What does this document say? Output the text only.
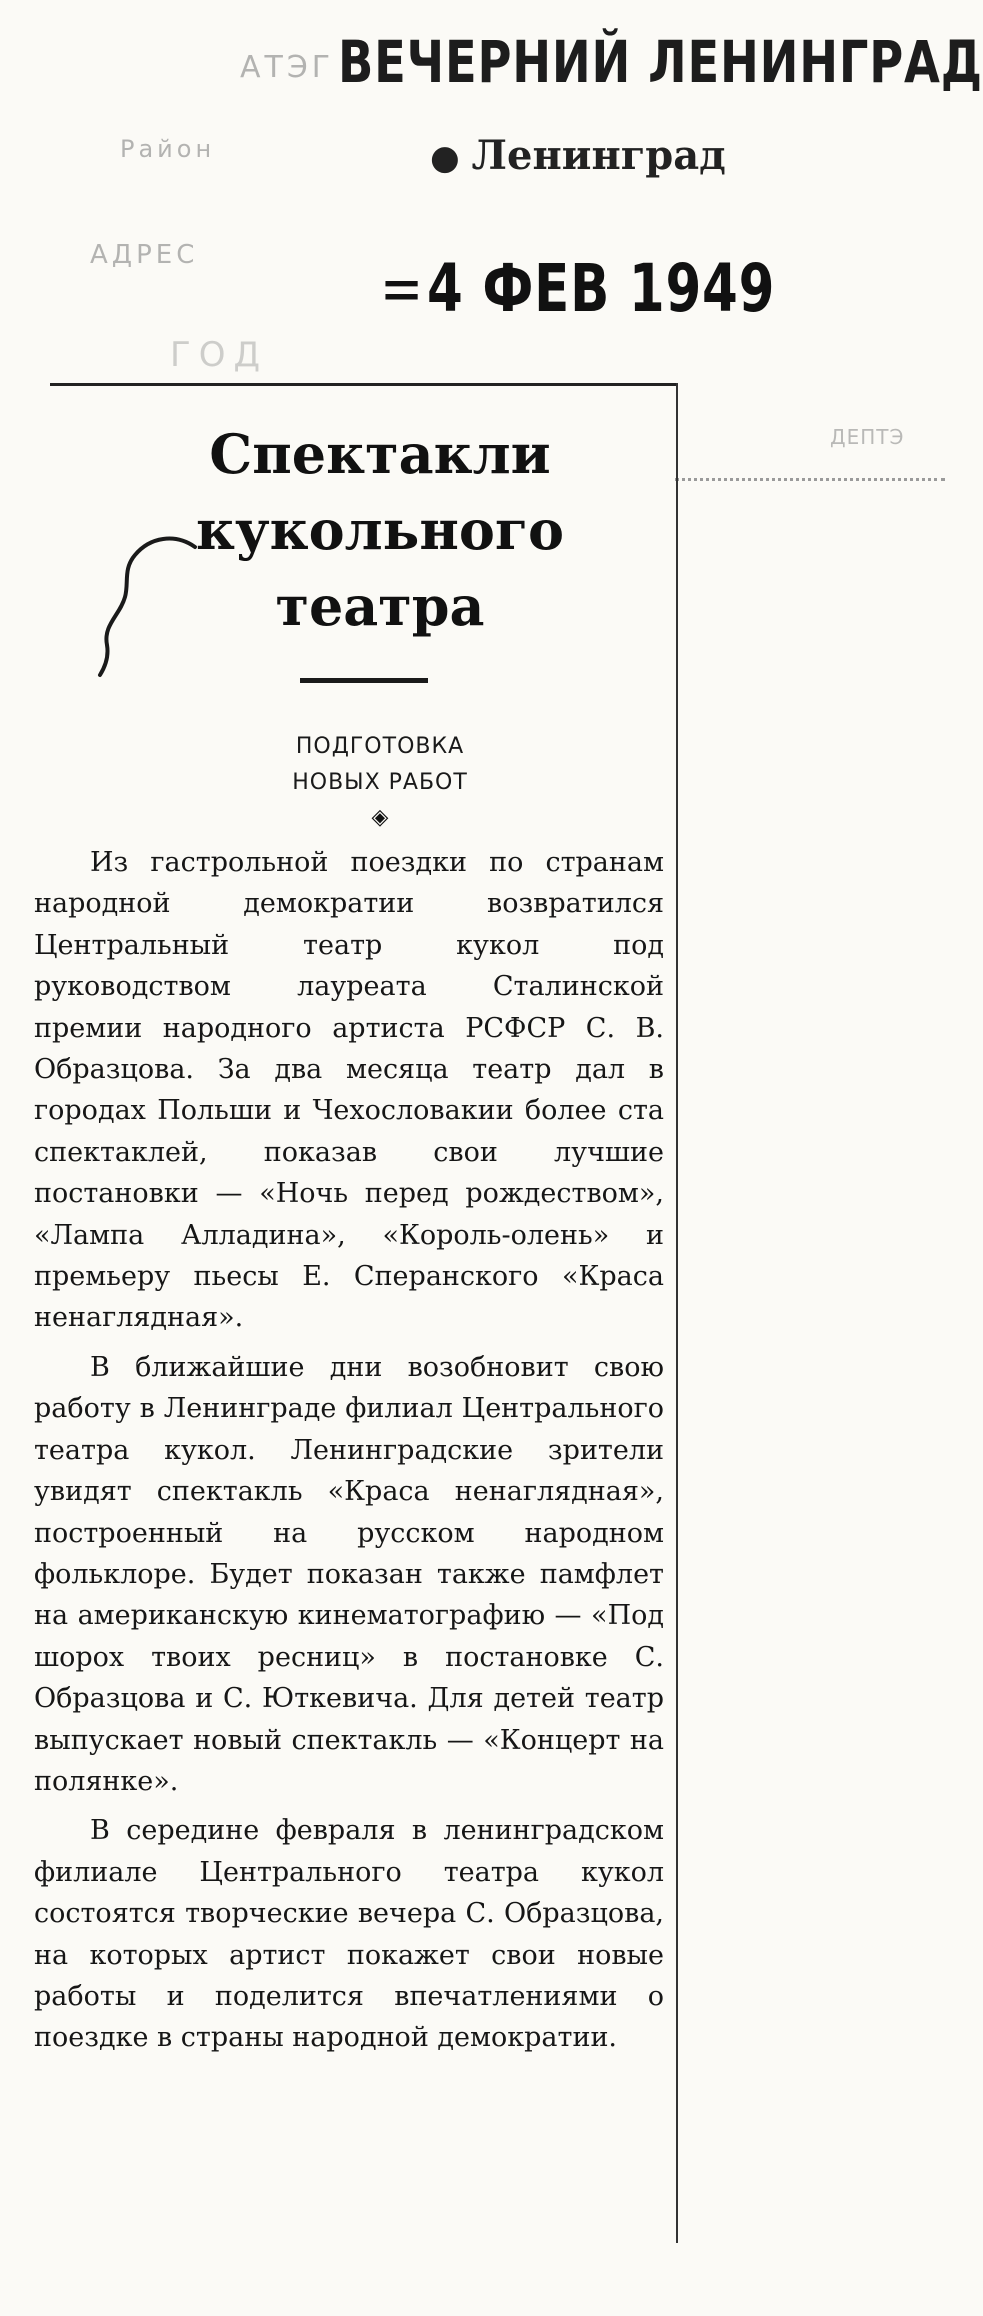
АТЭГ
Район
АДРЕС
ГОД
ДЕПТЭ
ВЕЧЕРНИЙ ЛЕНИНГРАД
● Ленинград
=4 ФЕВ 1949
Спектакли
кукольного
театра
ПОДГОТОВКА
НОВЫХ РАБОТ
◈

Из гастрольной поездки по странам народной демократии возвратился Центральный театр кукол под руководством лауреата Сталинской премии народного артиста РСФСР С. В. Образцова. За два месяца театр дал в городах Польши и Чехословакии более ста спектаклей, показав свои лучшие постановки — «Ночь перед рождеством», «Лампа Алладина», «Король-олень» и премьеру пьесы Е. Сперанского «Краса ненаглядная».

В ближайшие дни возобновит свою работу в Ленинграде филиал Центрального театра кукол. Ленинградские зрители увидят спектакль «Краса ненаглядная», построенный на русском народном фольклоре. Будет показан также памфлет на американскую кинематографию — «Под шорох твоих ресниц» в постановке С. Образцова и С. Юткевича. Для детей театр выпускает новый спектакль — «Концерт на полянке».

В середине февраля в ленинградском филиале Центрального театра кукол состоятся творческие вечера С. Образцова, на которых артист покажет свои новые работы и поделится впечатлениями о поездке в страны народной демократии.
